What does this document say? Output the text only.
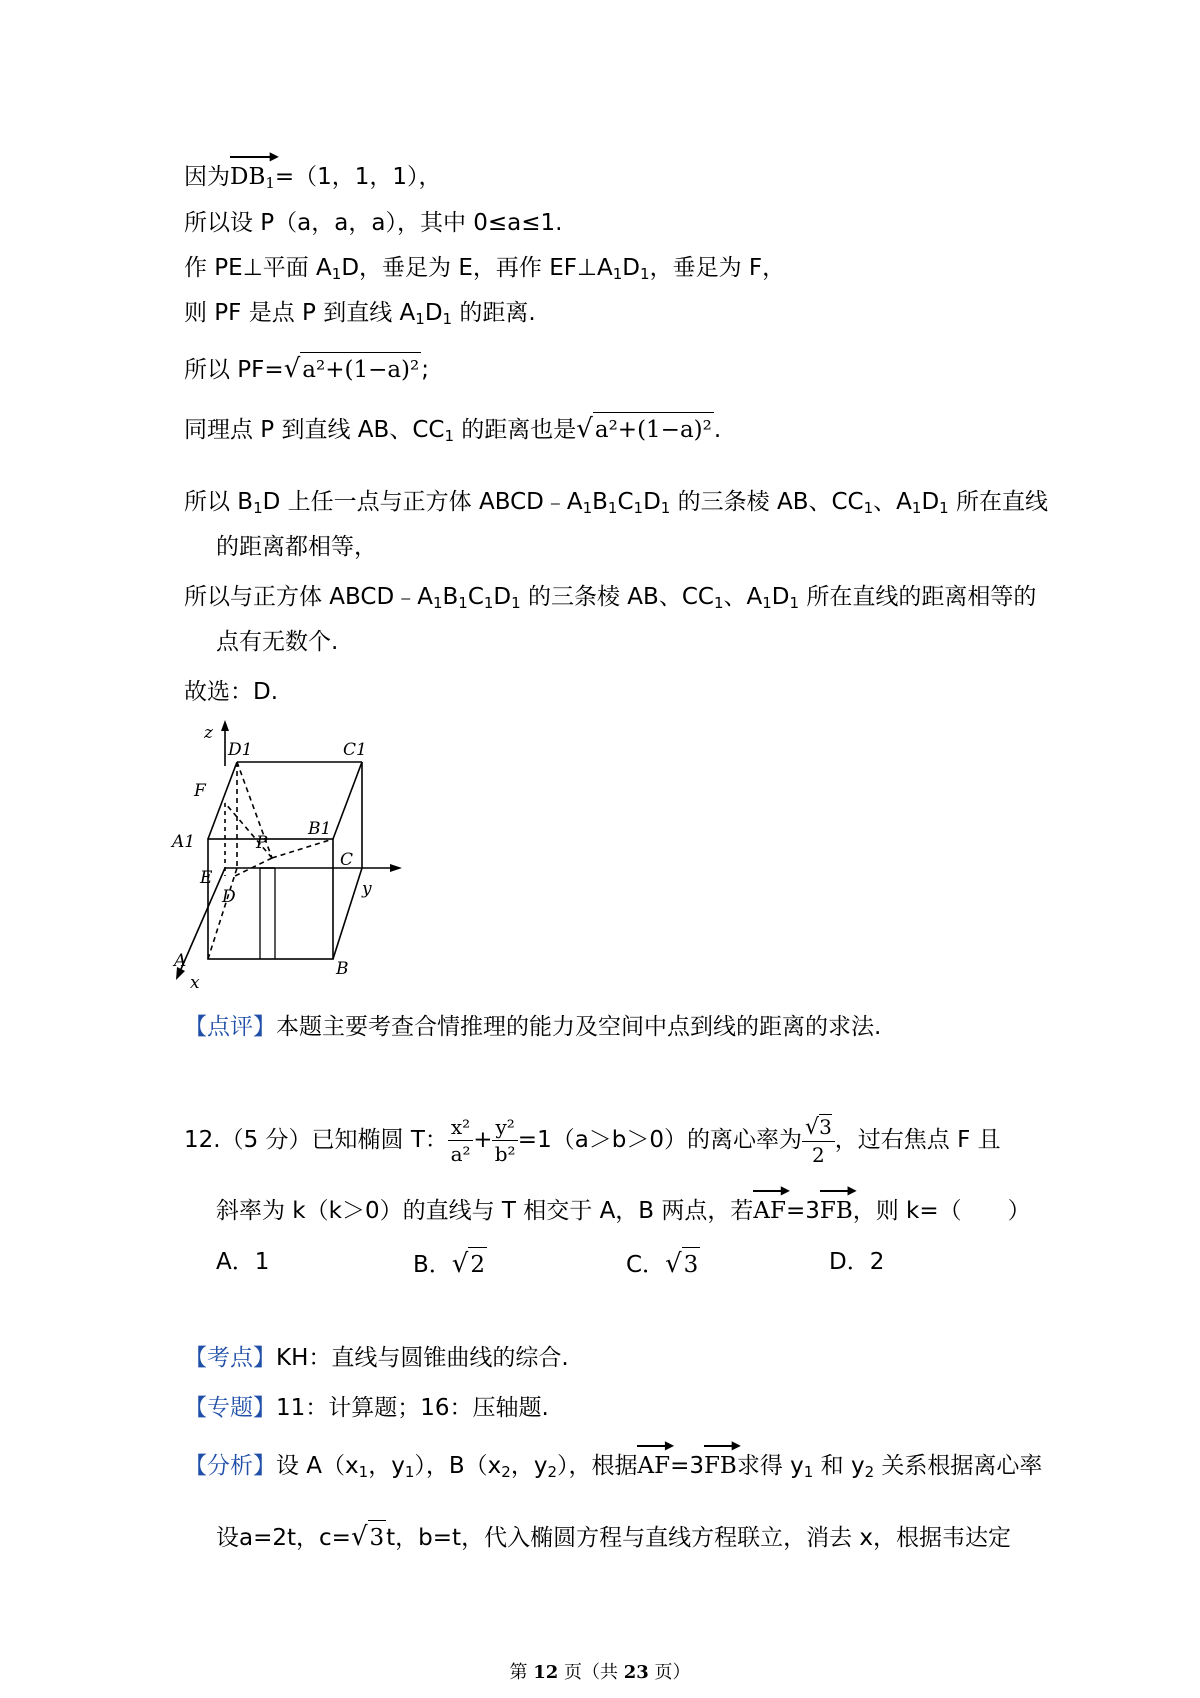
因为
▶
$DB_1=(1$，1，1），
所以设 P（a，a，a），其中 0≤a≤1.
作 PE⊥平面 $A_1D$，垂足为 E，再作 $EF\perp A_1D_1$，垂足为 F，
则 PF 是点 P 到直线 $A_1D_1$ 的距离.
所以 PF=√a²+(1−a)²;
同理点 P 到直线 AB、$CC_1$ 的距离也是√a²+(1−a)².
所以 $B_1D$ 上任一点与正方体 $ABCD﹣A_1B_1C_1D_1$ 的三条棱 AB、$CC_1$、$A_1D_1$ 所在直线
的距离都相等，
所以与正方体 $ABCD﹣A_1B_1C_1D_1$ 的三条棱 AB、$CC_1$、$A_1D_1$ 所在直线的距离相等的
点有无数个.
故选：D.
z
D1	C1
F
A1
B1
P
E
D
C
y
A	B
x
【点评】本题主要考查合情推理的能力及空间中点到线的距离的求法.
12.（5 分）已知椭圆 T： $\frac{\text{x²}}{\text{a²}} + \frac{\text{y²}}{\text{b²}} =1(a>b>0)$的离心率为 $\frac{√3}{2}$ ，过右焦点 F 且
斜率为 k（k＞0）的直线与 T 相交于 A，B 两点，若
▶
AF=3
▶
FB，则 k=（　　）
A．1	B．√2	C．√3	D．2
【考点】KH：直线与圆锥曲线的综合.
【专题】11：计算题；16：压轴题.
【分析】设 $A(x_1$，$y_1$），$B(x_2$，$y_2$），根据
▶
AF=3
▶
FB求得 $y_1$ 和 $y_2$ 关系根据离心率
设a=2t，c=√3t，b=t，代入椭圆方程与直线方程联立，消去 x，根据韦达定
第 12 页（共 23 页）
